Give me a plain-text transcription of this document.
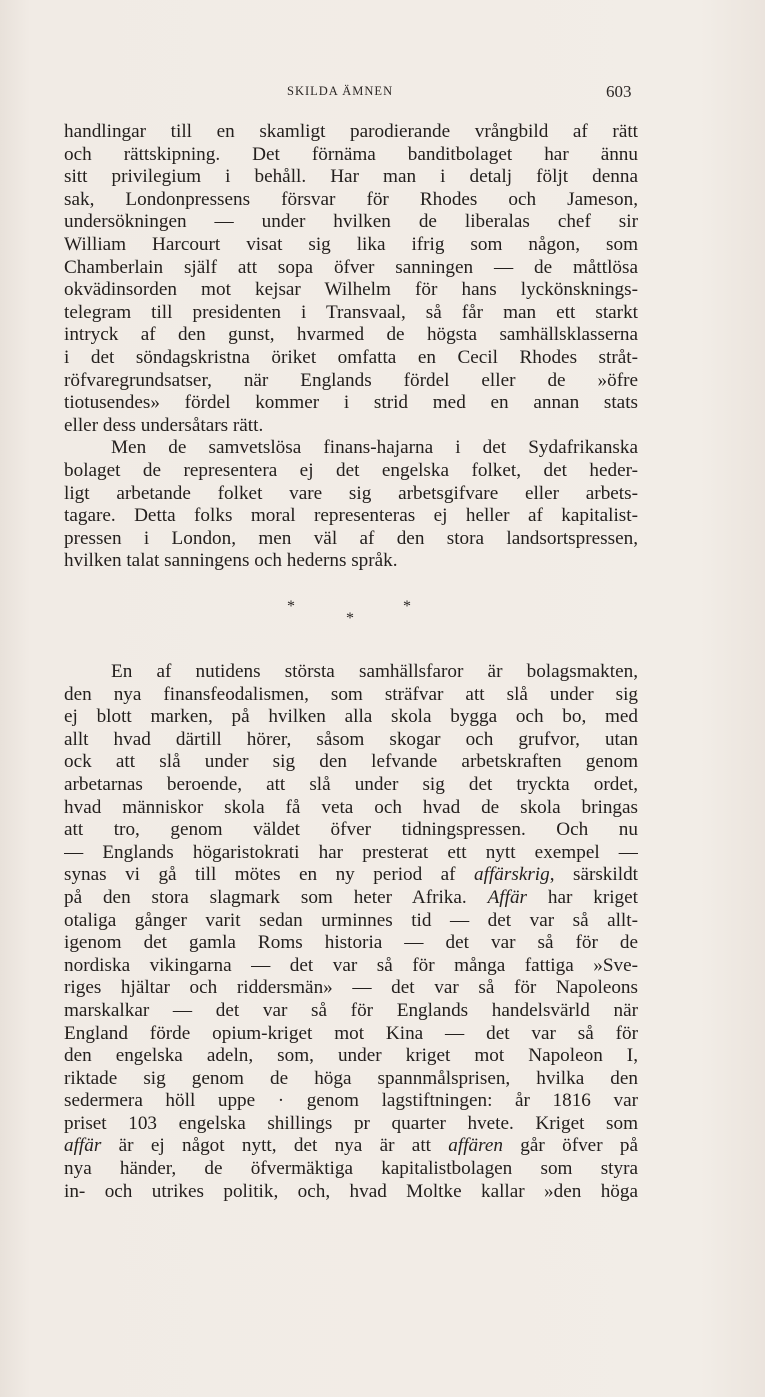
SKILDA ÄMNEN	603
handlingar till en skamligt parodierande vrångbild af rätt
och rättskipning. Det förnäma banditbolaget har ännu
sitt privilegium i behåll. Har man i detalj följt denna
sak, Londonpressens försvar för Rhodes och Jameson,
undersökningen — under hvilken de liberalas chef sir
William Harcourt visat sig lika ifrig som någon, som
Chamberlain själf att sopa öfver sanningen — de måttlösa
okvädinsorden mot kejsar Wilhelm för hans lyckönsknings-
telegram till presidenten i Transvaal, så får man ett starkt
intryck af den gunst, hvarmed de högsta samhällsklasserna
i det söndagskristna öriket omfatta en Cecil Rhodes stråt-
röfvaregrundsatser, när Englands fördel eller de »öfre
tiotusendes» fördel kommer i strid med en annan stats
eller dess undersåtars rätt.
Men de samvetslösa finans-hajarna i det Sydafrikanska
bolaget de representera ej det engelska folket, det heder-
ligt arbetande folket vare sig arbetsgifvare eller arbets-
tagare. Detta folks moral representeras ej heller af kapitalist-
pressen i London, men väl af den stora landsortspressen,
hvilken talat sanningens och hederns språk.
*
*
*
En af nutidens största samhällsfaror är bolagsmakten,
den nya finansfeodalismen, som sträfvar att slå under sig
ej blott marken, på hvilken alla skola bygga och bo, med
allt hvad därtill hörer, såsom skogar och grufvor, utan
ock att slå under sig den lefvande arbetskraften genom
arbetarnas beroende, att slå under sig det tryckta ordet,
hvad människor skola få veta och hvad de skola bringas
att tro, genom väldet öfver tidningspressen. Och nu
— Englands högaristokrati har presterat ett nytt exempel —
synas vi gå till mötes en ny period af affärskrig, särskildt
på den stora slagmark som heter Afrika. Affär har kriget
otaliga gånger varit sedan urminnes tid — det var så allt-
igenom det gamla Roms historia — det var så för de
nordiska vikingarna — det var så för många fattiga »Sve-
riges hjältar och riddersmän» — det var så för Napoleons
marskalkar — det var så för Englands handelsvärld när
England förde opium-kriget mot Kina — det var så för
den engelska adeln, som, under kriget mot Napoleon I,
riktade sig genom de höga spannmålsprisen, hvilka den
sedermera höll uppe · genom lagstiftningen: år 1816 var
priset 103 engelska shillings pr quarter hvete. Kriget som
affär är ej något nytt, det nya är att affären går öfver på
nya händer, de öfvermäktiga kapitalistbolagen som styra
in- och utrikes politik, och, hvad Moltke kallar »den höga
